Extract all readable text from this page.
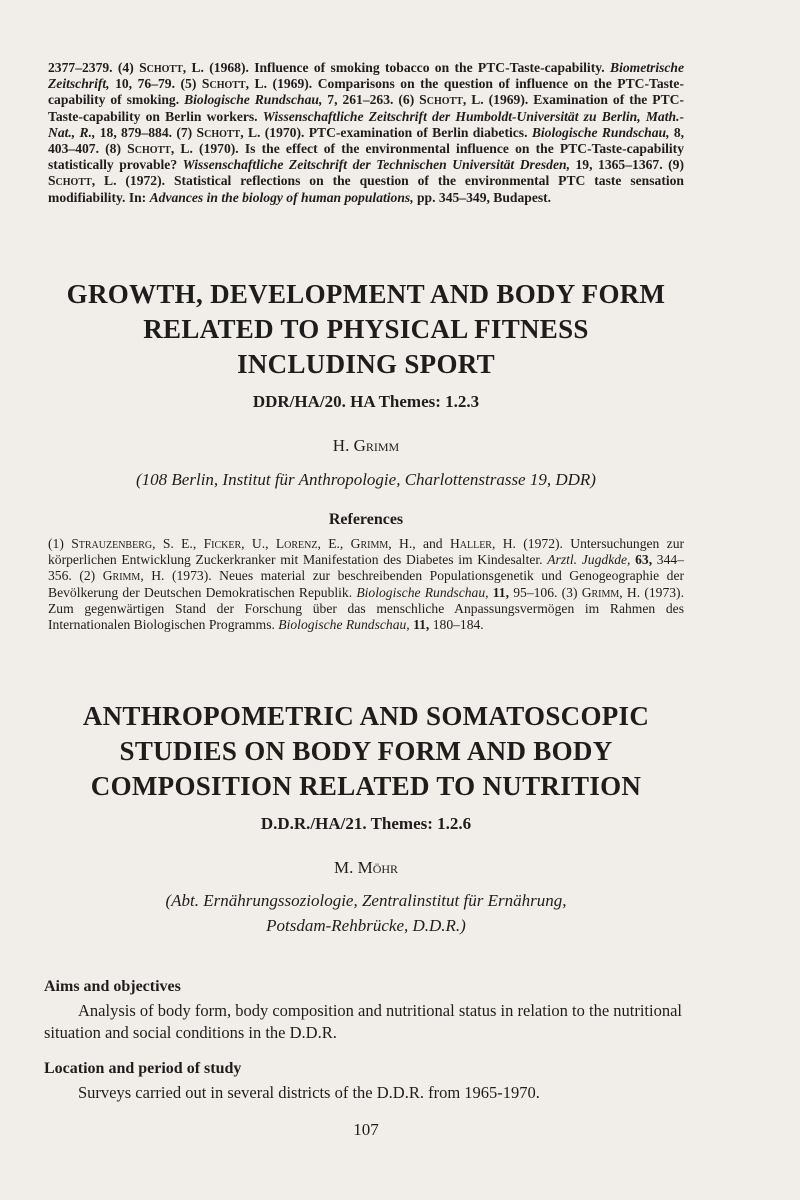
2377–2379. (4) Schott, L. (1968). Influence of smoking tobacco on the PTC-Taste-capability. Biometrische Zeitschrift, 10, 76–79. (5) Schott, L. (1969). Comparisons on the question of influence on the PTC-Taste-capability of smoking. Biologische Rundschau, 7, 261–263. (6) Schott, L. (1969). Examination of the PTC-Taste-capability on Berlin workers. Wissenschaftliche Zeitschrift der Humboldt-Universität zu Berlin, Math.-Nat., R., 18, 879–884. (7) Schott, L. (1970). PTC-examination of Berlin diabetics. Biologische Rundschau, 8, 403–407. (8) Schott, L. (1970). Is the effect of the environmental influence on the PTC-Taste-capability statistically provable? Wissenschaftliche Zeitschrift der Technischen Universität Dresden, 19, 1365–1367. (9) Schott, L. (1972). Statistical reflections on the question of the environmental PTC taste sensation modifiability. In: Advances in the biology of human populations, pp. 345–349, Budapest.

GROWTH, DEVELOPMENT AND BODY FORM

RELATED TO PHYSICAL FITNESS

INCLUDING SPORT

DDR/HA/20. HA Themes: 1.2.3

H. Grimm

(108 Berlin, Institut für Anthropologie, Charlottenstrasse 19, DDR)

References

(1) Strauzenberg, S. E., Ficker, U., Lorenz, E., Grimm, H., and Haller, H. (1972). Untersuchungen zur körperlichen Entwicklung Zuckerkranker mit Manifestation des Diabetes im Kindesalter. Arztl. Jugdkde, 63, 344–356. (2) Grimm, H. (1973). Neues material zur beschreibenden Populationsgenetik und Genogeographie der Bevölkerung der Deutschen Demokratischen Republik. Biologische Rundschau, 11, 95–106. (3) Grimm, H. (1973). Zum gegenwärtigen Stand der Forschung über das menschliche Anpassungsvermögen im Rahmen des Internationalen Biologischen Programms. Biologische Rundschau, 11, 180–184.

ANTHROPOMETRIC AND SOMATOSCOPIC

STUDIES ON BODY FORM AND BODY

COMPOSITION RELATED TO NUTRITION

D.D.R./HA/21. Themes: 1.2.6

M. Möhr

(Abt. Ernährungssoziologie, Zentralinstitut für Ernährung,

Potsdam-Rehbrücke, D.D.R.)

Aims and objectives

Analysis of body form, body composition and nutritional status in relation to the nutritional situation and social conditions in the D.D.R.

Location and period of study

Surveys carried out in several districts of the D.D.R. from 1965-1970.

107
